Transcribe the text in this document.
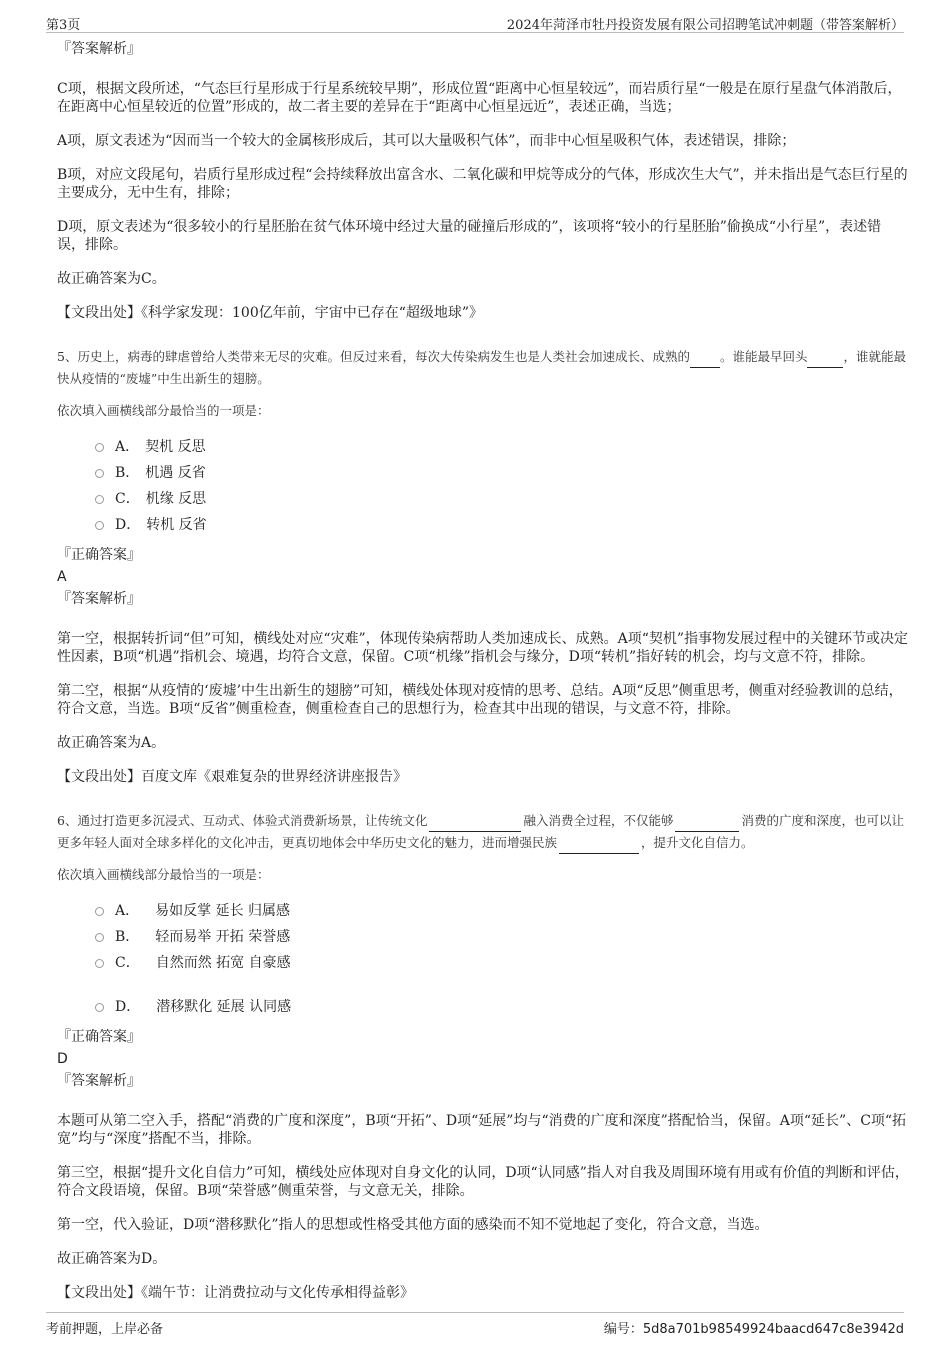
第3页	2024年菏泽市牡丹投资发展有限公司招聘笔试冲刺题（带答案解析）
『答案解析』

C项，根据文段所述，“气态巨行星形成于行星系统较早期”，形成位置“距离中心恒星较远”，而岩质行星“一般是在原行星盘气体消散后，在距离中心恒星较近的位置”形成的，故二者主要的差异在于“距离中心恒星远近”，表述正确，当选；

A项，原文表述为“因而当一个较大的金属核形成后，其可以大量吸积气体”，而非中心恒星吸积气体，表述错误，排除；

B项，对应文段尾句，岩质行星形成过程“会持续释放出富含水、二氧化碳和甲烷等成分的气体，形成次生大气”，并未指出是气态巨行星的主要成分，无中生有，排除；

D项，原文表述为“很多较小的行星胚胎在贫气体环境中经过大量的碰撞后形成的”，该项将“较小的行星胚胎”偷换成“小行星”，表述错误，排除。

故正确答案为C。

【文段出处】《科学家发现：100亿年前，宇宙中已存在“超级地球”》

5、历史上，病毒的肆虐曾给人类带来无尽的灾难。但反过来看，每次大传染病发生也是人类社会加速成长、成熟的 。谁能最早回头	，谁就能最快从疫情的“废墟”中生出新生的翅膀。
依次填入画横线部分最恰当的一项是：
A． 契机 反思
B． 机遇 反省
C． 机缘 反思
D． 转机 反省
『正确答案』
A
『答案解析』

第一空，根据转折词“但”可知，横线处对应“灾难”，体现传染病帮助人类加速成长、成熟。A项“契机”指事物发展过程中的关键环节或决定性因素，B项“机遇”指机会、境遇，均符合文意，保留。C项“机缘”指机会与缘分，D项“转机”指好转的机会，均与文意不符，排除。

第二空，根据“从疫情的‘废墟’中生出新生的翅膀”可知，横线处体现对疫情的思考、总结。A项“反思”侧重思考，侧重对经验教训的总结，符合文意，当选。B项“反省”侧重检查，侧重检查自己的思想行为，检查其中出现的错误，与文意不符，排除。

故正确答案为A。

【文段出处】百度文库《艰难复杂的世界经济讲座报告》

6、通过打造更多沉浸式、互动式、体验式消费新场景，让传统文化	融入消费全过程，不仅能够	消费的广度和深度，也可以让更多年轻人面对全球多样化的文化冲击，更真切地体会中华历史文化的魅力，进而增强民族	，提升文化自信力。
依次填入画横线部分最恰当的一项是：
A． 易如反掌 延长 归属感
B． 轻而易举 开拓 荣誉感
C． 自然而然 拓宽 自豪感
D． 潜移默化 延展 认同感
『正确答案』
D
『答案解析』

本题可从第二空入手，搭配“消费的广度和深度”，B项“开拓”、D项“延展”均与“消费的广度和深度”搭配恰当，保留。A项“延长”、C项“拓宽”均与“深度”搭配不当，排除。

第三空，根据“提升文化自信力”可知，横线处应体现对自身文化的认同，D项“认同感”指人对自我及周围环境有用或有价值的判断和评估，符合文段语境，保留。B项“荣誉感”侧重荣誉，与文意无关，排除。

第一空，代入验证，D项“潜移默化”指人的思想或性格受其他方面的感染而不知不觉地起了变化，符合文意，当选。

故正确答案为D。

【文段出处】《端午节：让消费拉动与文化传承相得益彰》

考前押题，上岸必备	编号：5d8a701b98549924baacd647c8e3942d
